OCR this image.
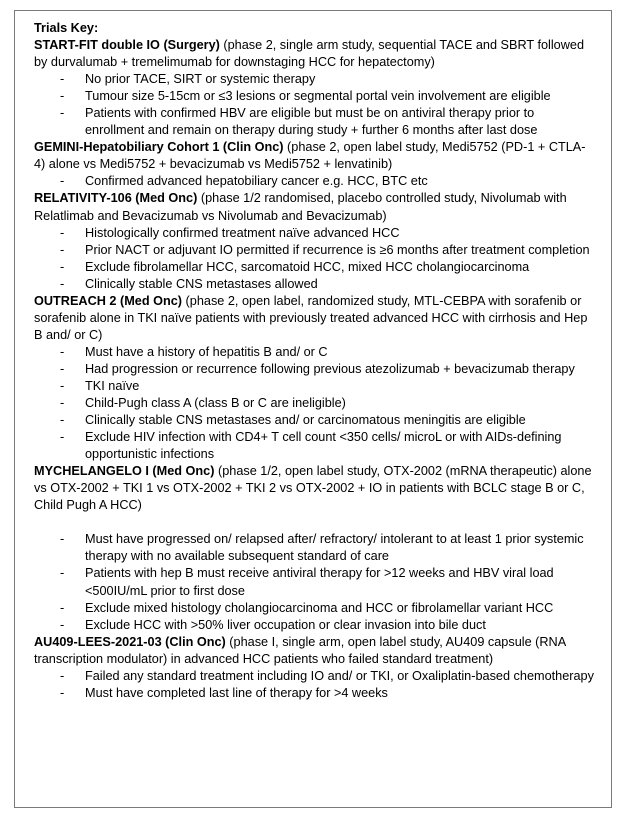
Trials Key:
START-FIT double IO (Surgery) (phase 2, single arm study, sequential TACE and SBRT followed by durvalumab + tremelimumab for downstaging HCC for hepatectomy)
- No prior TACE, SIRT or systemic therapy
- Tumour size 5-15cm or ≤3 lesions or segmental portal vein involvement are eligible
- Patients with confirmed HBV are eligible but must be on antiviral therapy prior to enrollment and remain on therapy during study + further 6 months after last dose
GEMINI-Hepatobiliary Cohort 1 (Clin Onc) (phase 2, open label study, Medi5752 (PD-1 + CTLA-4) alone vs Medi5752 + bevacizumab vs Medi5752 + lenvatinib)
- Confirmed advanced hepatobiliary cancer e.g. HCC, BTC etc
RELATIVITY-106 (Med Onc) (phase 1/2 randomised, placebo controlled study, Nivolumab with Relatlimab and Bevacizumab vs Nivolumab and Bevacizumab)
- Histologically confirmed treatment naïve advanced HCC
- Prior NACT or adjuvant IO permitted if recurrence is ≥6 months after treatment completion
- Exclude fibrolamellar HCC, sarcomatoid HCC, mixed HCC cholangiocarcinoma
- Clinically stable CNS metastases allowed
OUTREACH 2 (Med Onc) (phase 2, open label, randomized study, MTL-CEBPA with sorafenib or sorafenib alone in TKI naïve patients with previously treated advanced HCC with cirrhosis and Hep B and/ or C)
- Must have a history of hepatitis B and/ or C
- Had progression or recurrence following previous atezolizumab + bevacizumab therapy
- TKI naïve
- Child-Pugh class A (class B or C are ineligible)
- Clinically stable CNS metastases and/ or carcinomatous meningitis are eligible
- Exclude HIV infection with CD4+ T cell count <350 cells/ microL or with AIDs-defining opportunistic infections
MYCHELANGELO I (Med Onc) (phase 1/2, open label study, OTX-2002 (mRNA therapeutic) alone vs OTX-2002 + TKI 1 vs OTX-2002 + TKI 2 vs OTX-2002 + IO in patients with BCLC stage B or C, Child Pugh A HCC)
- Must have progressed on/ relapsed after/ refractory/ intolerant to at least 1 prior systemic therapy with no available subsequent standard of care
- Patients with hep B must receive antiviral therapy for >12 weeks and HBV viral load <500IU/mL prior to first dose
- Exclude mixed histology cholangiocarcinoma and HCC or fibrolamellar variant HCC
- Exclude HCC with >50% liver occupation or clear invasion into bile duct
AU409-LEES-2021-03 (Clin Onc) (phase I, single arm, open label study, AU409 capsule (RNA transcription modulator) in advanced HCC patients who failed standard treatment)
- Failed any standard treatment including IO and/ or TKI, or Oxaliplatin-based chemotherapy
- Must have completed last line of therapy for >4 weeks
